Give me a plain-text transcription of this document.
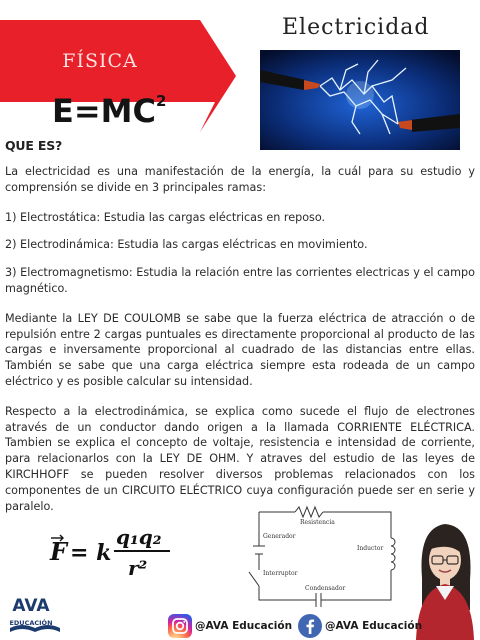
FÍSICA
$E=MC^2$
Electricidad
QUE ES?

La electricidad es una manifestación de la energía, la cuál para su estudio y comprensión se divide en 3 principales ramas:

1) Electrostática: Estudia las cargas eléctricas en reposo.

2) Electrodinámica: Estudia las cargas eléctricas en movimiento.

3) Electromagnetismo: Estudia la relación entre las corrientes electricas y el campo magnético.

Mediante la LEY DE COULOMB se sabe que la fuerza eléctrica de atracción o de repulsión entre 2 cargas puntuales es directamente proporcional al producto de las cargas e inversamente proporcional al cuadrado de las distancias entre ellas. También se sabe que una carga eléctrica siempre esta rodeada de un campo eléctrico y es posible calcular su intensidad.

Respecto a la electrodinámica, se explica como sucede el flujo de electrones através de un conductor dando origen a la llamada CORRIENTE ELÉCTRICA. Tambien se explica el concepto de voltaje, resistencia e intensidad de corriente, para relacionarlos con la LEY DE OHM. Y atraves del estudio de las leyes de KIRCHHOFF se pueden resolver diversos problemas relacionados con los componentes de un CIRCUITO ELÉCTRICO cuya configuración puede ser en serie y paralelo.

F = k
q₁q₂
r²
Resistencia
Generador
Inductor
Interruptor
Condensador
AVA
EDUCACIÓN	@AVA Educación	@AVA Educación
